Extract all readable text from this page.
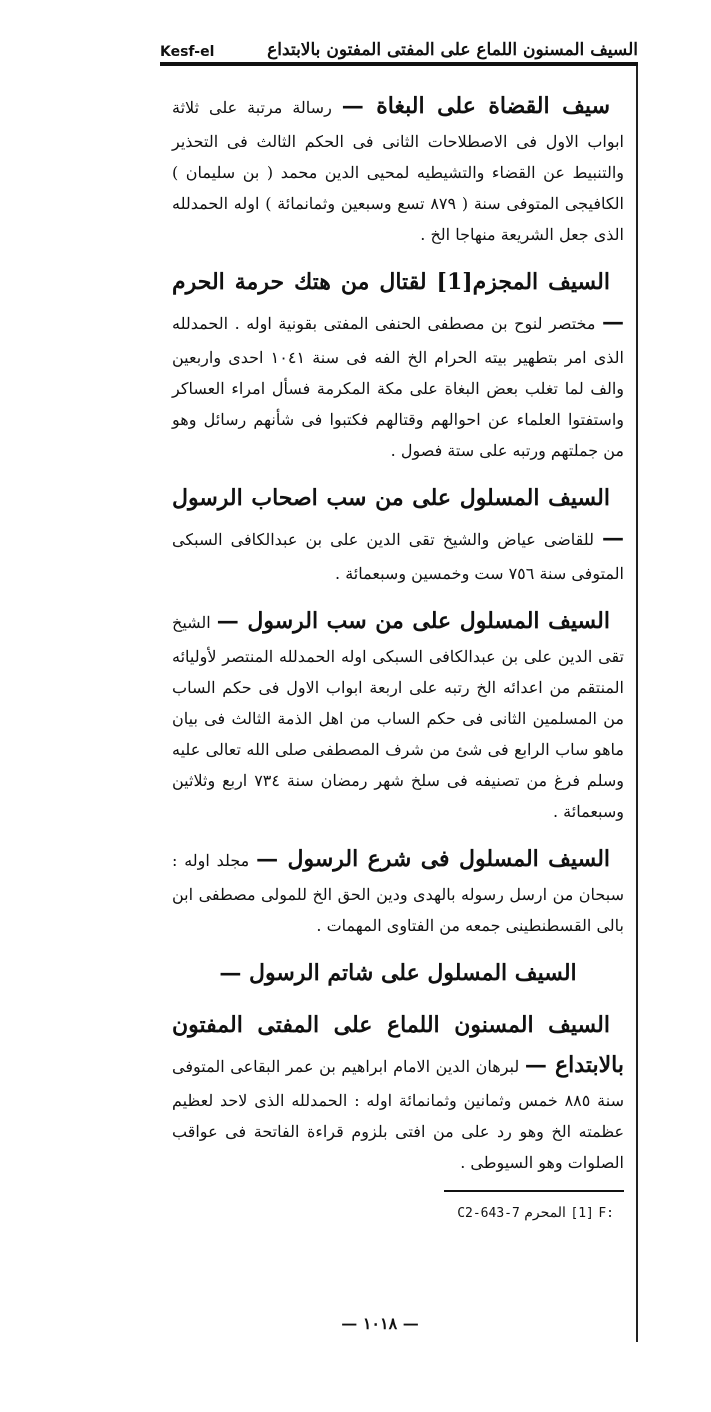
Kesf-el	السيف المسنون اللماع على المفتى المفتون بالابتداع

سيف القضاة على البغاة — رسالة مرتبة على ثلاثة ابواب الاول فى الاصطلاحات الثانى فى الحكم الثالث فى التحذير والتنبيط عن القضاء والتشيطيه لمحيى الدين محمد ( بن سليمان ) الكافيجى المتوفى سنة ( ٨٧٩ تسع وسبعين وثمانمائة ) اوله الحمدلله الذى جعل الشريعة منهاجا الخ .

السيف المجزم[1] لقتال من هتك حرمة الحرم — مختصر لنوح بن مصطفى الحنفى المفتى بقونية اوله . الحمدلله الذى امر بتطهير بيته الحرام الخ الفه فى سنة ١٠٤١ احدى واربعين والف لما تغلب بعض البغاة على مكة المكرمة فسأل امراء العساكر واستفتوا العلماء عن احوالهم وقتالهم فكتبوا فى شأنهم رسائل وهو من جملتهم ورتبه على ستة فصول .

السيف المسلول على من سب اصحاب الرسول — للقاضى عياض والشيخ تقى الدين على بن عبدالكافى السبكى المتوفى سنة ٧٥٦ ست وخمسين وسبعمائة .

السيف المسلول على من سب الرسول — الشيخ تقى الدين على بن عبدالكافى السبكى اوله الحمدلله المنتصر لأوليائه المنتقم من اعدائه الخ رتبه على اربعة ابواب الاول فى حكم الساب من المسلمين الثانى فى حكم الساب من اهل الذمة الثالث فى بيان ماهو ساب الرابع فى شئ من شرف المصطفى صلى الله تعالى عليه وسلم فرغ من تصنيفه فى سلخ شهر رمضان سنة ٧٣٤ اربع وثلاثين وسبعمائة .

السيف المسلول فى شرع الرسول — مجلد اوله : سبحان من ارسل رسوله بالهدى ودين الحق الخ للمولى مصطفى ابن بالى القسطنطينى جمعه من الفتاوى المهمات .

السيف المسلول على شاتم الرسول —

السيف المسنون اللماع على المفتى المفتون بالابتداع — لبرهان الدين الامام ابراهيم بن عمر البقاعى المتوفى سنة ٨٨٥ خمس وثمانين وثمانمائة اوله : الحمدلله الذى لاحد لعظيم عظمته الخ وهو رد على من افتى بلزوم قراءة الفاتحة فى عواقب الصلوات وهو السيوطى .

[1] F: المحرم C2-643-7
— ١٠١٨ —
